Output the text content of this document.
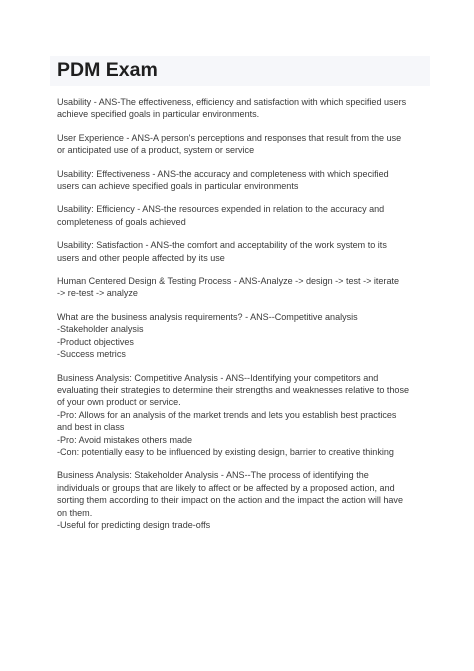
PDM Exam
Usability - ANS-The effectiveness, efficiency and satisfaction with which specified users
achieve specified goals in particular environments.
User Experience - ANS-A person's perceptions and responses that result from the use
or anticipated use of a product, system or service
Usability: Effectiveness - ANS-the accuracy and completeness with which specified
users can achieve specified goals in particular environments
Usability: Efficiency - ANS-the resources expended in relation to the accuracy and
completeness of goals achieved
Usability: Satisfaction - ANS-the comfort and acceptability of the work system to its
users and other people affected by its use
Human Centered Design & Testing Process - ANS-Analyze -> design -> test -> iterate
-> re-test -> analyze
What are the business analysis requirements? - ANS--Competitive analysis
-Stakeholder analysis
-Product objectives
-Success metrics
Business Analysis: Competitive Analysis - ANS--Identifying your competitors and
evaluating their strategies to determine their strengths and weaknesses relative to those
of your own product or service.
-Pro: Allows for an analysis of the market trends and lets you establish best practices
and best in class
-Pro: Avoid mistakes others made
-Con: potentially easy to be influenced by existing design, barrier to creative thinking
Business Analysis: Stakeholder Analysis - ANS--The process of identifying the
individuals or groups that are likely to affect or be affected by a proposed action, and
sorting them according to their impact on the action and the impact the action will have
on them.
-Useful for predicting design trade-offs
